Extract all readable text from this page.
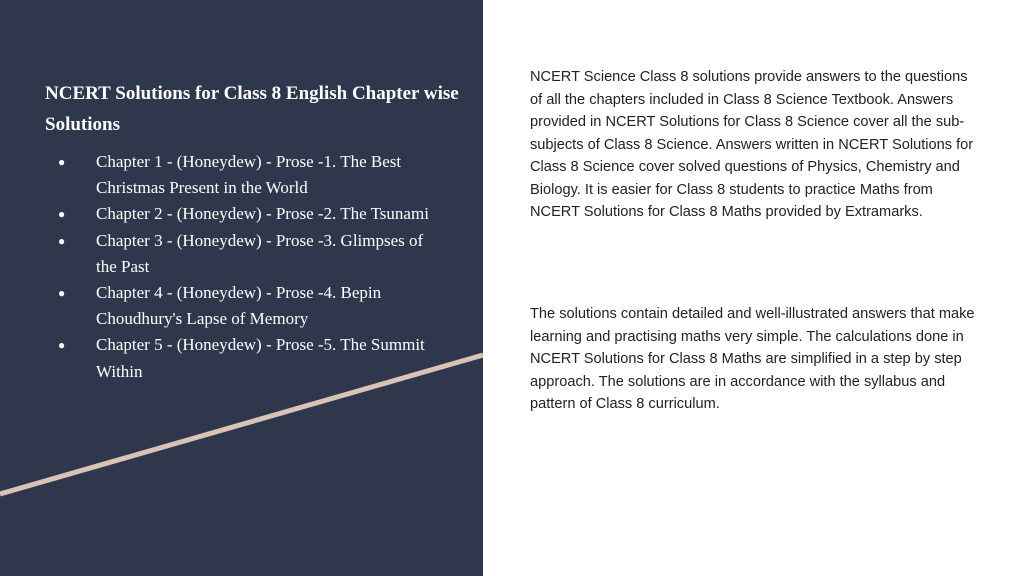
NCERT Solutions for Class 8 English Chapter wise Solutions
● Chapter 1 - (Honeydew) - Prose -1. The Best Christmas Present in the World
● Chapter 2 - (Honeydew) - Prose -2. The Tsunami
● Chapter 3 - (Honeydew) - Prose -3. Glimpses of the Past
● Chapter 4 - (Honeydew) - Prose -4. Bepin Choudhury's Lapse of Memory
● Chapter 5 - (Honeydew) - Prose -5. The Summit Within

NCERT Science Class 8 solutions provide answers to the questions of all the chapters included in Class 8 Science Textbook. Answers provided in NCERT Solutions for Class 8 Science cover all the sub-subjects of Class 8 Science. Answers written in NCERT Solutions for Class 8 Science cover solved questions of Physics, Chemistry and Biology. It is easier for Class 8 students to practice Maths from NCERT Solutions for Class 8 Maths provided by Extramarks.

The solutions contain detailed and well-illustrated answers that make learning and practising maths very simple. The calculations done in NCERT Solutions for Class 8 Maths are simplified in a step by step approach. The solutions are in accordance with the syllabus and pattern of Class 8 curriculum.
